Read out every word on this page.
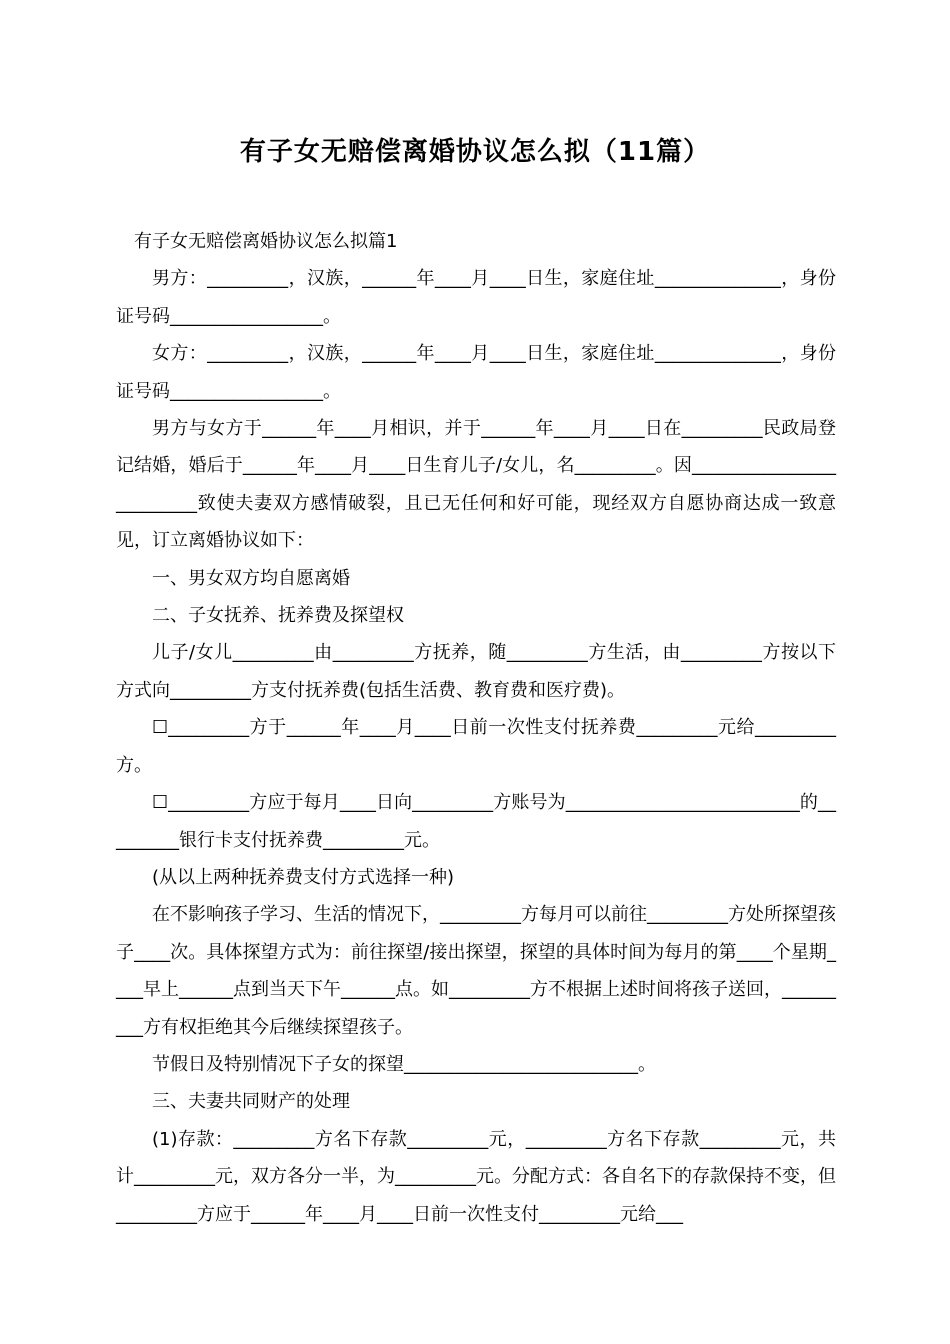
有子女无赔偿离婚协议怎么拟（11篇）

有子女无赔偿离婚协议怎么拟篇1

男方：_________，汉族，______年____月____日生，家庭住址______________，身份证号码_________________。

女方：_________，汉族，______年____月____日生，家庭住址______________，身份证号码_________________。

男方与女方于______年____月相识，并于______年____月____日在_________民政局登记结婚，婚后于______年____月____日生育儿子/女儿，名_________。因_________________________致使夫妻双方感情破裂，且已无任何和好可能，现经双方自愿协商达成一致意见，订立离婚协议如下：

一、男女双方均自愿离婚

二、子女抚养、抚养费及探望权

儿子/女儿_________由_________方抚养，随_________方生活，由_________方按以下方式向_________方支付抚养费(包括生活费、教育费和医疗费)。

☐_________方于______年____月____日前一次性支付抚养费_________元给_________方。

☐_________方应于每月____日向_________方账号为__________________________的_________银行卡支付抚养费_________元。

(从以上两种抚养费支付方式选择一种)

在不影响孩子学习、生活的情况下，_________方每月可以前往_________方处所探望孩子____次。具体探望方式为：前往探望/接出探望，探望的具体时间为每月的第____个星期____早上______点到当天下午______点。如_________方不根据上述时间将孩子送回，_________方有权拒绝其今后继续探望孩子。

节假日及特别情况下子女的探望__________________________。

三、夫妻共同财产的处理

(1)存款：_________方名下存款_________元，_________方名下存款_________元，共计_________元，双方各分一半，为_________元。分配方式：各自名下的存款保持不变，但_________方应于______年____月____日前一次性支付_________元给___
